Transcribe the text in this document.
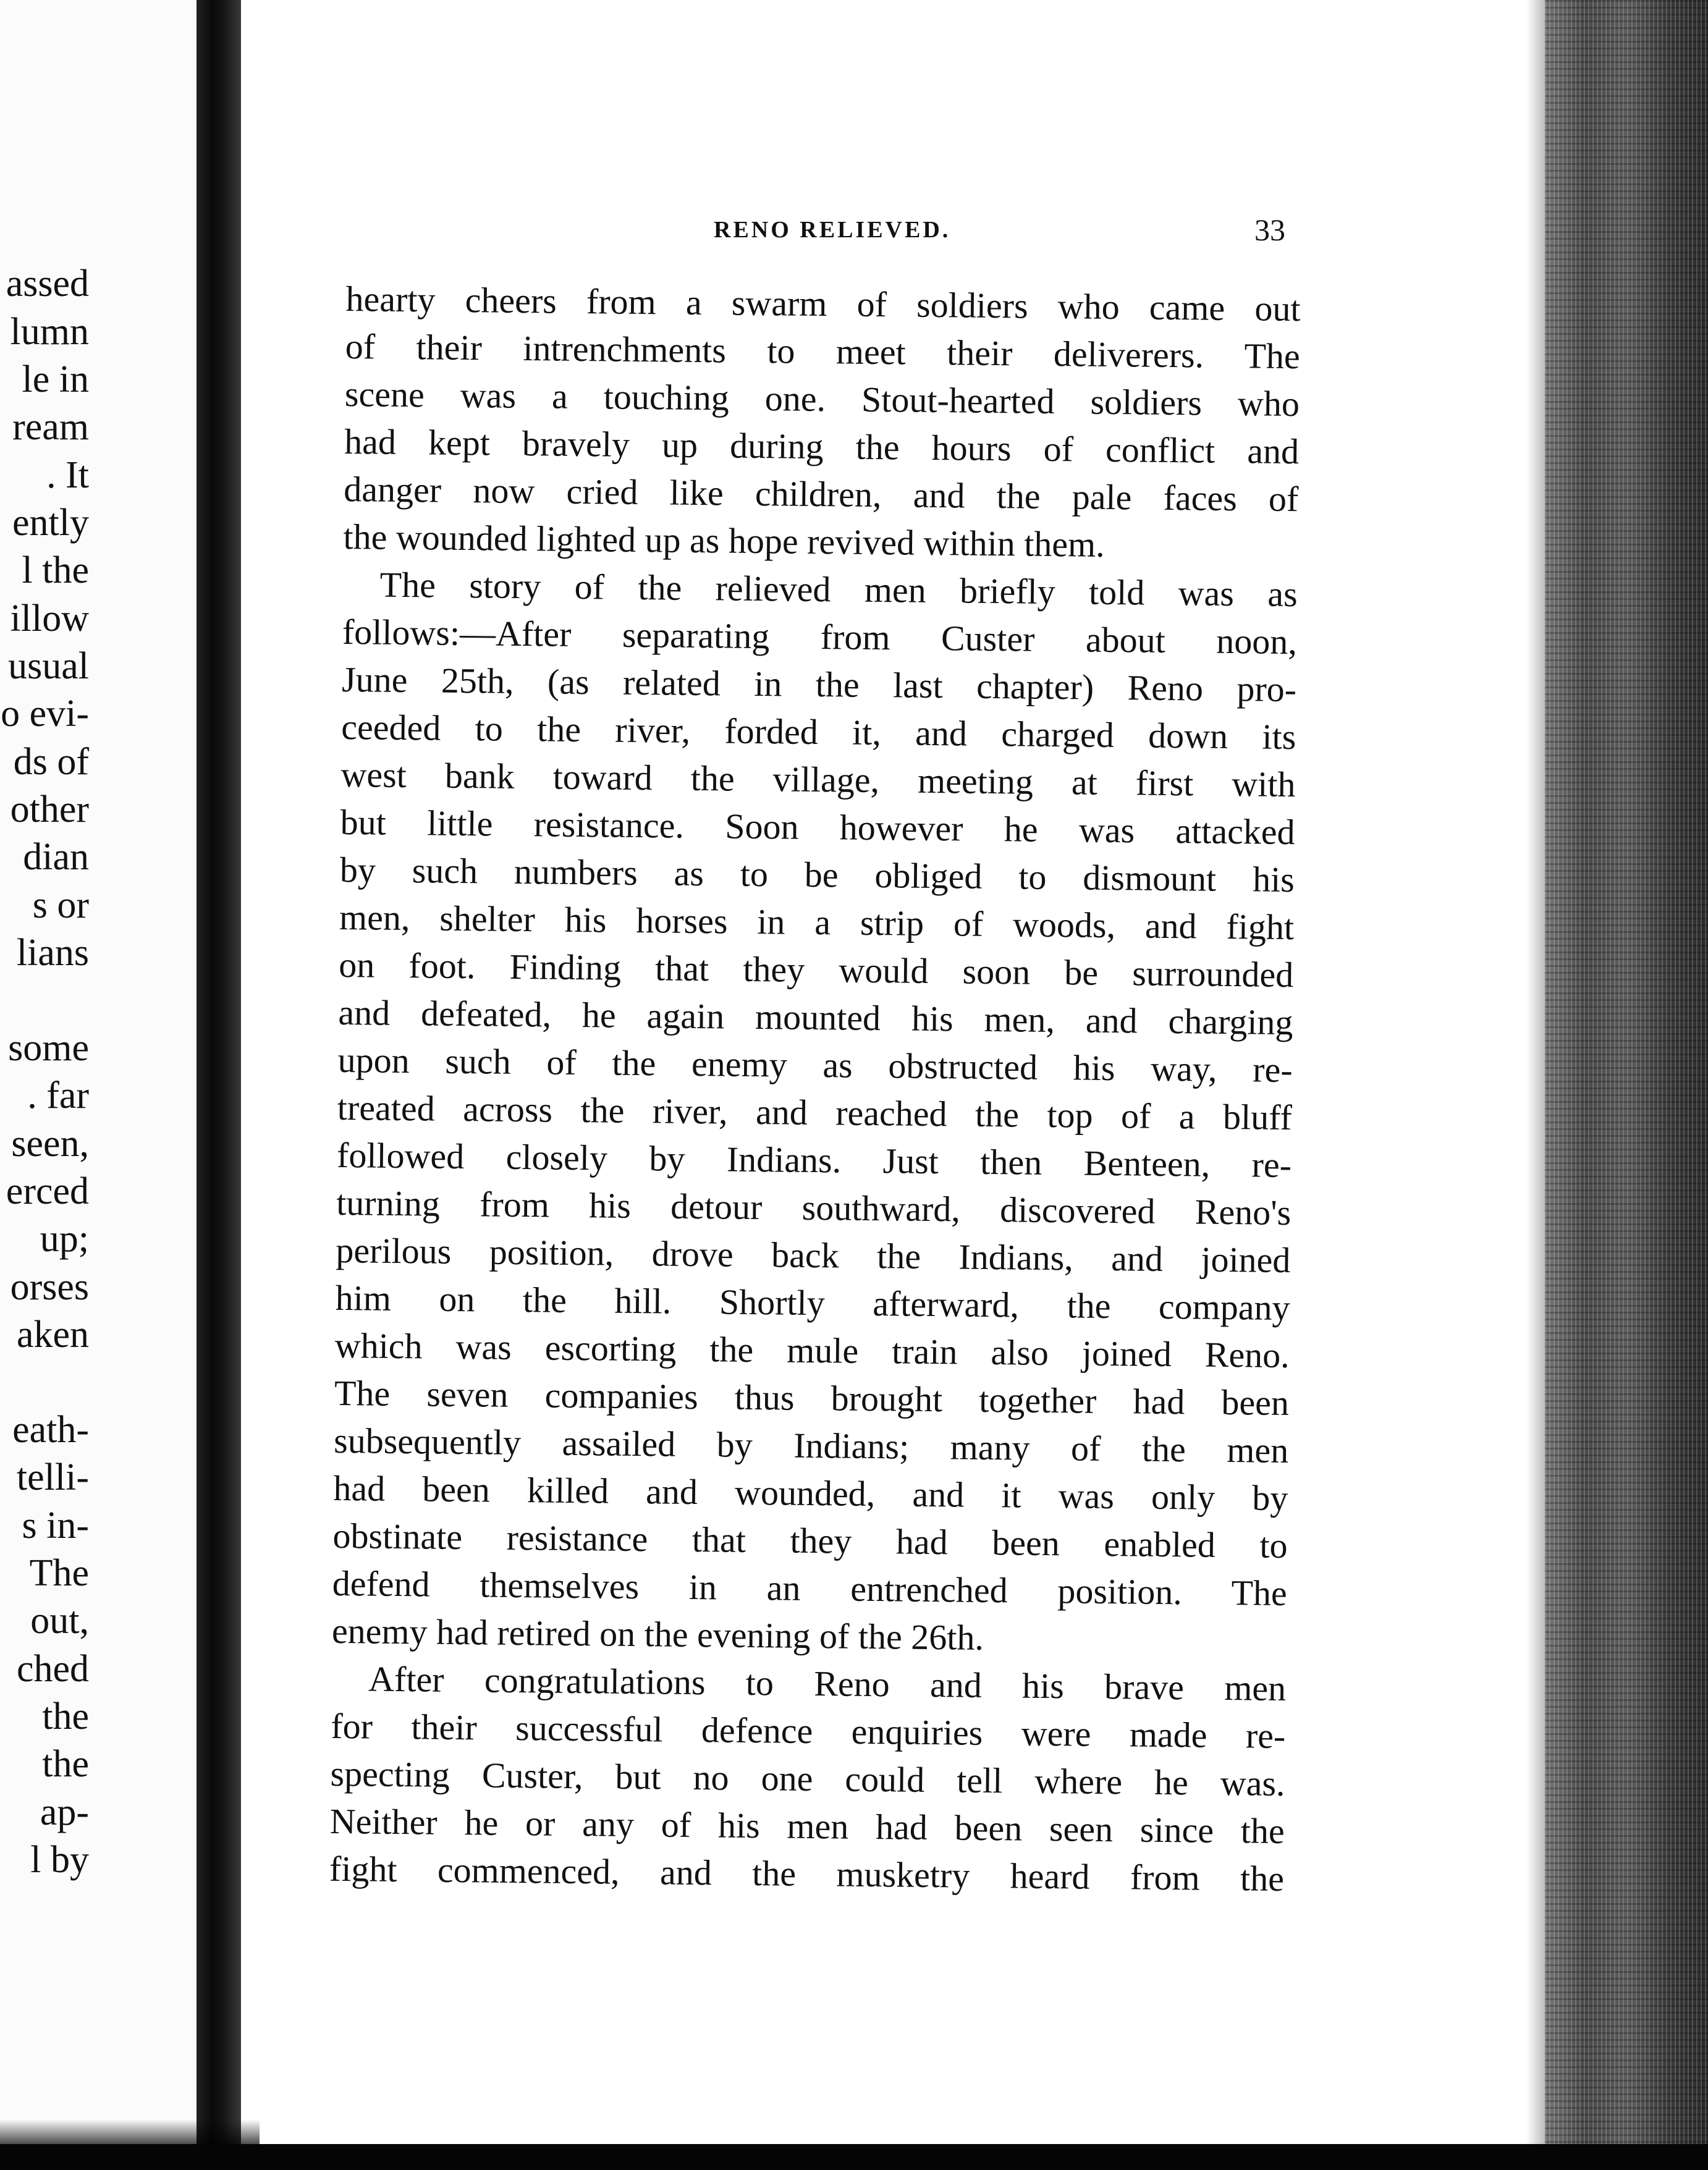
assed
lumn
le in
ream
. It
ently
l the
illow
usual
o evi-
ds of
other
dian
s or
lians
some
. far
seen,
erced
up;
orses
aken
eath-
telli-
s in-
The
out,
ched
the
the
ap-
l by
RENO RELIEVED.	33
hearty cheers from a swarm of soldiers who came out
of their intrenchments to meet their deliverers. The
scene was a touching one. Stout-hearted soldiers who
had kept bravely up during the hours of conflict and
danger now cried like children, and the pale faces of
the wounded lighted up as hope revived within them.
The story of the relieved men briefly told was as
follows:—After separating from Custer about noon,
June 25th, (as related in the last chapter) Reno pro-
ceeded to the river, forded it, and charged down its
west bank toward the village, meeting at first with
but little resistance. Soon however he was attacked
by such numbers as to be obliged to dismount his
men, shelter his horses in a strip of woods, and fight
on foot. Finding that they would soon be surrounded
and defeated, he again mounted his men, and charging
upon such of the enemy as obstructed his way, re-
treated across the river, and reached the top of a bluff
followed closely by Indians. Just then Benteen, re-
turning from his detour southward, discovered Reno's
perilous position, drove back the Indians, and joined
him on the hill. Shortly afterward, the company
which was escorting the mule train also joined Reno.
The seven companies thus brought together had been
subsequently assailed by Indians; many of the men
had been killed and wounded, and it was only by
obstinate resistance that they had been enabled to
defend themselves in an entrenched position. The
enemy had retired on the evening of the 26th.
After congratulations to Reno and his brave men
for their successful defence enquiries were made re-
specting Custer, but no one could tell where he was.
Neither he or any of his men had been seen since the
fight commenced, and the musketry heard from the
